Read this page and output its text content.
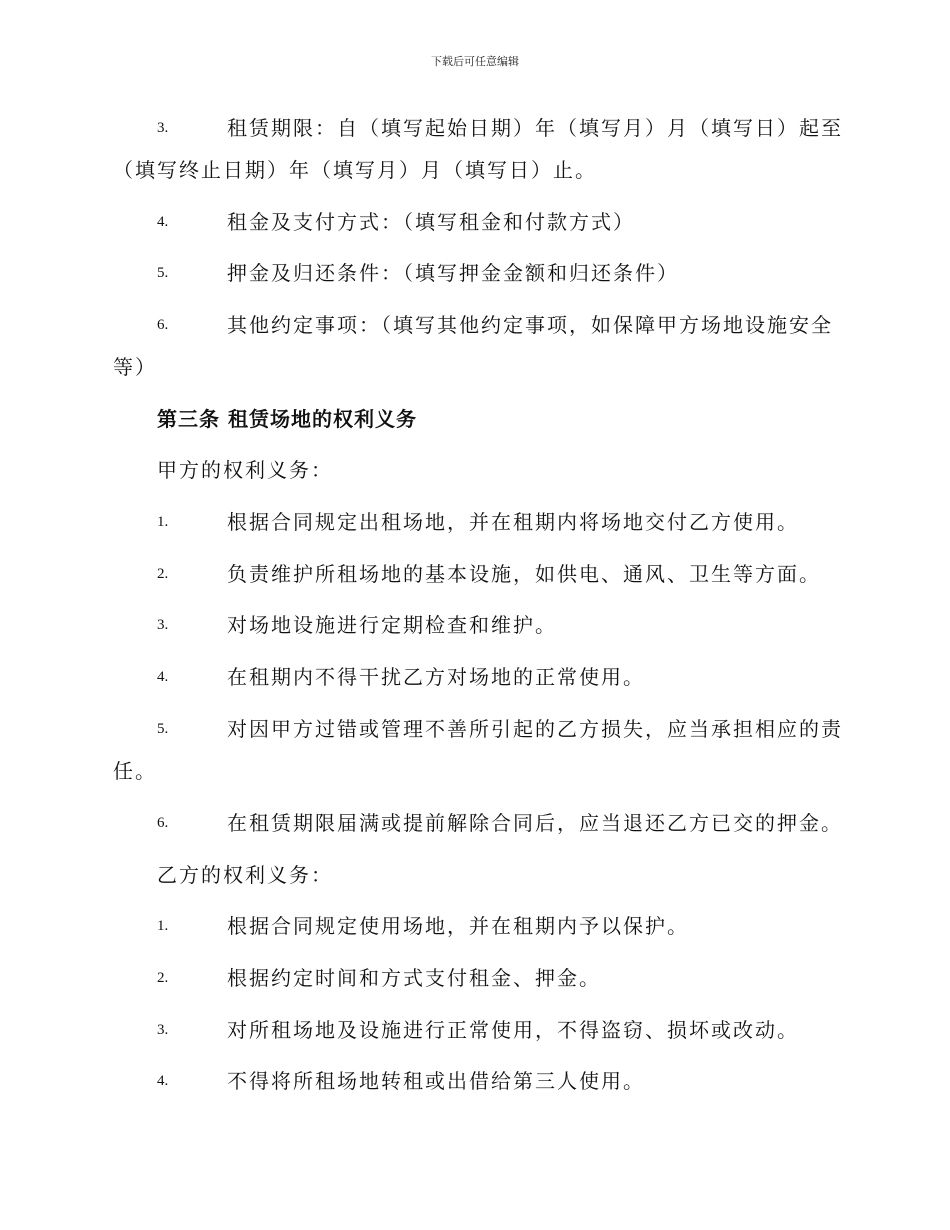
下载后可任意编辑
3.	租赁期限：自（填写起始日期）年（填写月）月（填写日）起至
（填写终止日期）年（填写月）月（填写日）止。
4.	租金及支付方式：（填写租金和付款方式）
5.	押金及归还条件：（填写押金金额和归还条件）
6.	其他约定事项：（填写其他约定事项，如保障甲方场地设施安全
等）
第三条 租赁场地的权利义务
甲方的权利义务：
1.	根据合同规定出租场地，并在租期内将场地交付乙方使用。
2.	负责维护所租场地的基本设施，如供电、通风、卫生等方面。
3.	对场地设施进行定期检查和维护。
4.	在租期内不得干扰乙方对场地的正常使用。
5.	对因甲方过错或管理不善所引起的乙方损失，应当承担相应的责
任。
6.	在租赁期限届满或提前解除合同后，应当退还乙方已交的押金。
乙方的权利义务：
1.	根据合同规定使用场地，并在租期内予以保护。
2.	根据约定时间和方式支付租金、押金。
3.	对所租场地及设施进行正常使用，不得盗窃、损坏或改动。
4.	不得将所租场地转租或出借给第三人使用。
